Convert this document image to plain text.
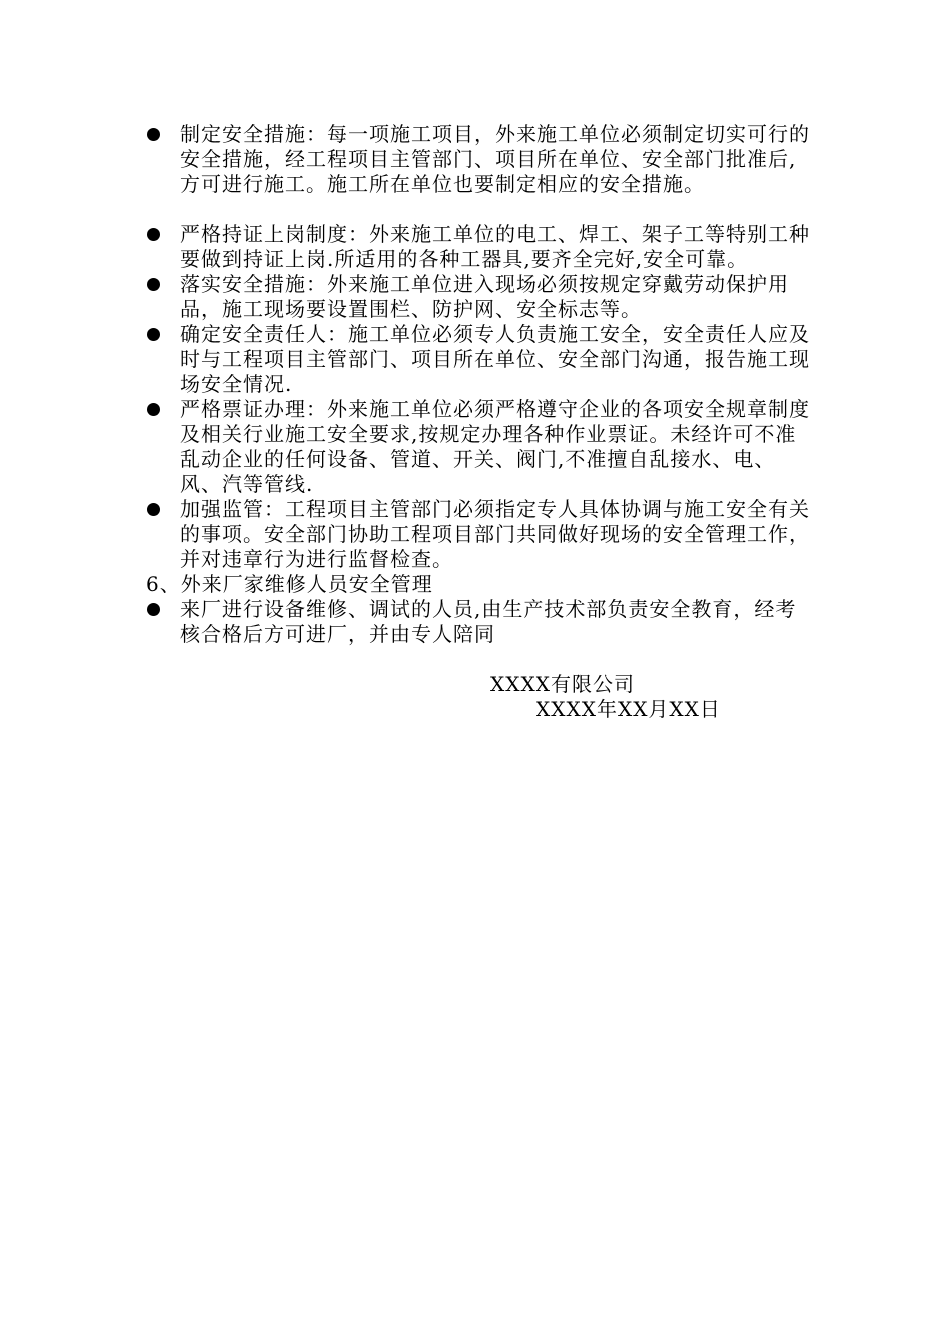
制定安全措施：每一项施工项目，外来施工单位必须制定切实可行的安全措施，经工程项目主管部门、项目所在单位、安全部门批准后,方可进行施工。施工所在单位也要制定相应的安全措施。
严格持证上岗制度：外来施工单位的电工、焊工、架子工等特别工种要做到持证上岗.所适用的各种工器具,要齐全完好,安全可靠。
落实安全措施：外来施工单位进入现场必须按规定穿戴劳动保护用品，施工现场要设置围栏、防护网、安全标志等。
确定安全责任人：施工单位必须专人负责施工安全，安全责任人应及时与工程项目主管部门、项目所在单位、安全部门沟通，报告施工现场安全情况.
严格票证办理：外来施工单位必须严格遵守企业的各项安全规章制度及相关行业施工安全要求,按规定办理各种作业票证。未经许可不准乱动企业的任何设备、管道、开关、阀门,不准擅自乱接水、电、风、汽等管线.
加强监管：工程项目主管部门必须指定专人具体协调与施工安全有关的事项。安全部门协助工程项目部门共同做好现场的安全管理工作，并对违章行为进行监督检查。
6、外来厂家维修人员安全管理
来厂进行设备维修、调试的人员,由生产技术部负责安全教育，经考核合格后方可进厂，并由专人陪同
XXXX有限公司
XXXX年XX月XX日
